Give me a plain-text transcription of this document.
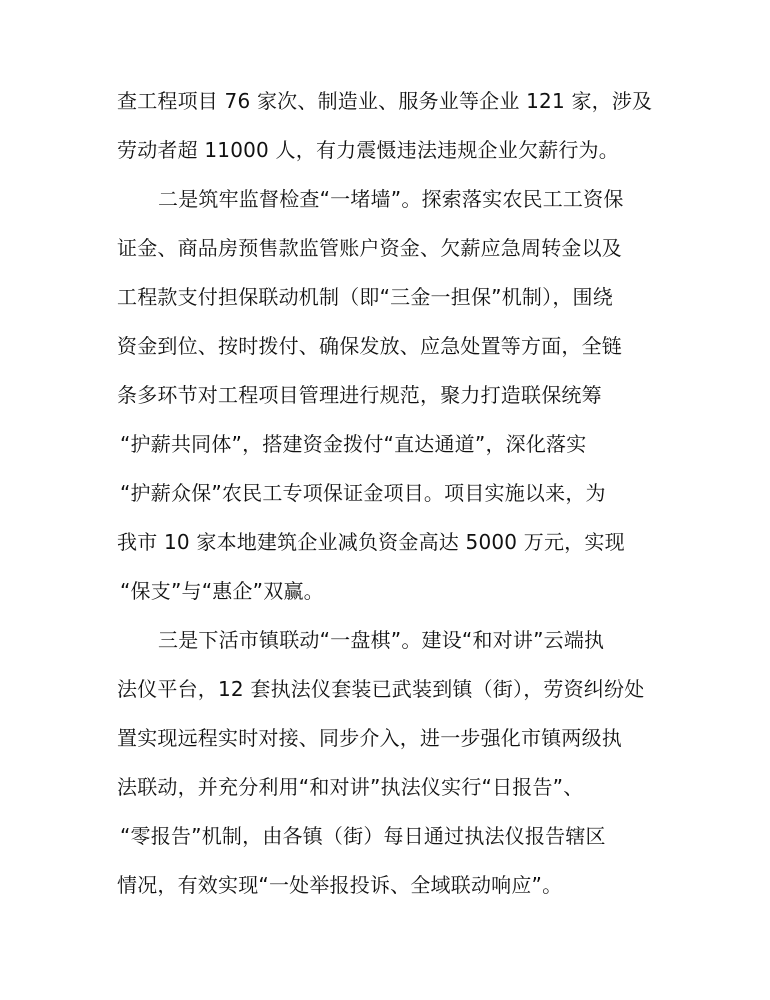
查工程项目 76 家次、制造业、服务业等企业 121 家，涉及
劳动者超 11000 人，有力震慑违法违规企业欠薪行为。
二是筑牢监督检查“一堵墙”。探索落实农民工工资保
证金、商品房预售款监管账户资金、欠薪应急周转金以及
工程款支付担保联动机制（即“三金一担保”机制），围绕
资金到位、按时拨付、确保发放、应急处置等方面，全链
条多环节对工程项目管理进行规范，聚力打造联保统筹
“护薪共同体”，搭建资金拨付“直达通道”，深化落实
“护薪众保”农民工专项保证金项目。项目实施以来，为
我市 10 家本地建筑企业减负资金高达 5000 万元，实现
“保支”与“惠企”双赢。
三是下活市镇联动“一盘棋”。建设“和对讲”云端执
法仪平台，12 套执法仪套装已武装到镇（街），劳资纠纷处
置实现远程实时对接、同步介入，进一步强化市镇两级执
法联动，并充分利用“和对讲”执法仪实行“日报告”、
“零报告”机制，由各镇（街）每日通过执法仪报告辖区
情况，有效实现“一处举报投诉、全域联动响应”。
